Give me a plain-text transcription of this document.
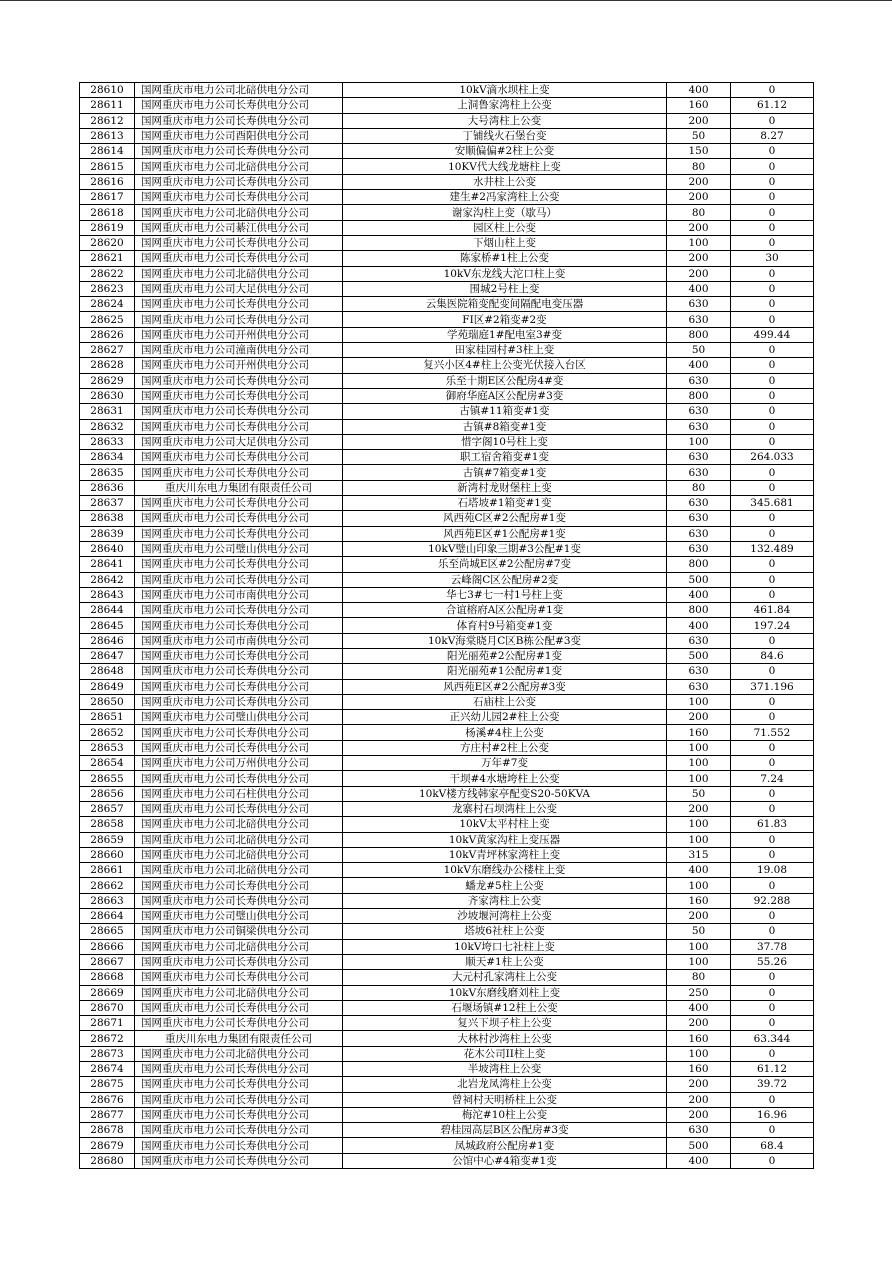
28610	国网重庆市电力公司北碚供电分公司	10kV滴水坝柱上变	400	0
28611	国网重庆市电力公司长寿供电分公司	上洞鲁家湾柱上公变	160	61.12
28612	国网重庆市电力公司长寿供电分公司	大号湾柱上公变	200	0
28613	国网重庆市电力公司酉阳供电分公司	丁铺线火石堡台变	50	8.27
28614	国网重庆市电力公司长寿供电分公司	安顺偏偏#2柱上公变	150	0
28615	国网重庆市电力公司北碚供电分公司	10KV代大线龙塘柱上变	80	0
28616	国网重庆市电力公司长寿供电分公司	水井柱上公变	200	0
28617	国网重庆市电力公司长寿供电分公司	建生#2冯家湾柱上公变	200	0
28618	国网重庆市电力公司北碚供电分公司	谢家沟柱上变（歇马）	80	0
28619	国网重庆市电力公司綦江供电分公司	园区柱上公变	200	0
28620	国网重庆市电力公司长寿供电分公司	下烟山柱上变	100	0
28621	国网重庆市电力公司长寿供电分公司	陈家桥#1柱上公变	200	30
28622	国网重庆市电力公司北碚供电分公司	10kV东龙线大沱口柱上变	200	0
28623	国网重庆市电力公司大足供电分公司	围城2号柱上变	400	0
28624	国网重庆市电力公司长寿供电分公司	云集医院箱变配变间隔配电变压器	630	0
28625	国网重庆市电力公司长寿供电分公司	FI区#2箱变#2变	630	0
28626	国网重庆市电力公司开州供电分公司	学苑瑞庭1#配电室3#变	800	499.44
28627	国网重庆市电力公司潼南供电分公司	田家桂园村#3柱上变	50	0
28628	国网重庆市电力公司开州供电分公司	复兴小区4#柱上公变光伏接入台区	400	0
28629	国网重庆市电力公司长寿供电分公司	乐至十期E区公配房4#变	630	0
28630	国网重庆市电力公司长寿供电分公司	御府华庭A区公配房#3变	800	0
28631	国网重庆市电力公司长寿供电分公司	古镇#11箱变#1变	630	0
28632	国网重庆市电力公司长寿供电分公司	古镇#8箱变#1变	630	0
28633	国网重庆市电力公司大足供电分公司	惜字阁10号柱上变	100	0
28634	国网重庆市电力公司长寿供电分公司	职工宿舍箱变#1变	630	264.033
28635	国网重庆市电力公司长寿供电分公司	古镇#7箱变#1变	630	0
28636	重庆川东电力集团有限责任公司	新湾村龙财堡柱上变	80	0
28637	国网重庆市电力公司长寿供电分公司	石塔坡#1箱变#1变	630	345.681
28638	国网重庆市电力公司长寿供电分公司	风西苑C区#2公配房#1变	630	0
28639	国网重庆市电力公司长寿供电分公司	风西苑E区#1公配房#1变	630	0
28640	国网重庆市电力公司璧山供电分公司	10kV璧山印象三期#3公配#1变	630	132.489
28641	国网重庆市电力公司长寿供电分公司	乐至尚城E区#2公配房#7变	800	0
28642	国网重庆市电力公司长寿供电分公司	云峰阁C区公配房#2变	500	0
28643	国网重庆市电力公司市南供电分公司	华七3#七一村1号柱上变	400	0
28644	国网重庆市电力公司长寿供电分公司	合谊榕府A区公配房#1变	800	461.84
28645	国网重庆市电力公司长寿供电分公司	体育村9号箱变#1变	400	197.24
28646	国网重庆市电力公司市南供电分公司	10kV海棠晓月C区B栋公配#3变	630	0
28647	国网重庆市电力公司长寿供电分公司	阳光丽苑#2公配房#1变	500	84.6
28648	国网重庆市电力公司长寿供电分公司	阳光丽苑#1公配房#1变	630	0
28649	国网重庆市电力公司长寿供电分公司	风西苑E区#2公配房#3变	630	371.196
28650	国网重庆市电力公司长寿供电分公司	石庙柱上公变	100	0
28651	国网重庆市电力公司璧山供电分公司	正兴幼儿园2#柱上公变	200	0
28652	国网重庆市电力公司长寿供电分公司	杨溪#4柱上公变	160	71.552
28653	国网重庆市电力公司长寿供电分公司	方庄村#2柱上公变	100	0
28654	国网重庆市电力公司万州供电分公司	万年#7变	100	0
28655	国网重庆市电力公司长寿供电分公司	干坝#4水塘垮柱上公变	100	7.24
28656	国网重庆市电力公司石柱供电分公司	10kV楼方线韩家亭配变S20-50KVA	50	0
28657	国网重庆市电力公司长寿供电分公司	龙寨村石坝湾柱上公变	200	0
28658	国网重庆市电力公司北碚供电分公司	10kV太平村柱上变	100	61.83
28659	国网重庆市电力公司北碚供电分公司	10kV黄家沟柱上变压器	100	0
28660	国网重庆市电力公司北碚供电分公司	10kV青坪林家湾柱上变	315	0
28661	国网重庆市电力公司北碚供电分公司	10kV东磨线办公楼柱上变	400	19.08
28662	国网重庆市电力公司长寿供电分公司	蟠龙#5柱上公变	100	0
28663	国网重庆市电力公司长寿供电分公司	齐家湾柱上公变	160	92.288
28664	国网重庆市电力公司璧山供电分公司	沙坡堰河湾柱上公变	200	0
28665	国网重庆市电力公司铜梁供电分公司	塔坡6社柱上公变	50	0
28666	国网重庆市电力公司北碚供电分公司	10kV垮口七社柱上变	100	37.78
28667	国网重庆市电力公司长寿供电分公司	顺天#1柱上公变	100	55.26
28668	国网重庆市电力公司长寿供电分公司	大元村孔家湾柱上公变	80	0
28669	国网重庆市电力公司北碚供电分公司	10kV东磨线磨刘柱上变	250	0
28670	国网重庆市电力公司长寿供电分公司	石堰场镇#12柱上公变	400	0
28671	国网重庆市电力公司长寿供电分公司	复兴下坝子柱上公变	200	0
28672	重庆川东电力集团有限责任公司	大林村沙湾柱上公变	160	63.344
28673	国网重庆市电力公司北碚供电分公司	花木公司II柱上变	100	0
28674	国网重庆市电力公司长寿供电分公司	半坡湾柱上公变	160	61.12
28675	国网重庆市电力公司长寿供电分公司	北岩龙凤湾柱上公变	200	39.72
28676	国网重庆市电力公司长寿供电分公司	曾祠村天明桥柱上公变	200	0
28677	国网重庆市电力公司长寿供电分公司	梅沱#10柱上公变	200	16.96
28678	国网重庆市电力公司长寿供电分公司	碧桂园高层B区公配房#3变	630	0
28679	国网重庆市电力公司长寿供电分公司	凤城政府公配房#1变	500	68.4
28680	国网重庆市电力公司长寿供电分公司	公馆中心#4箱变#1变	400	0
